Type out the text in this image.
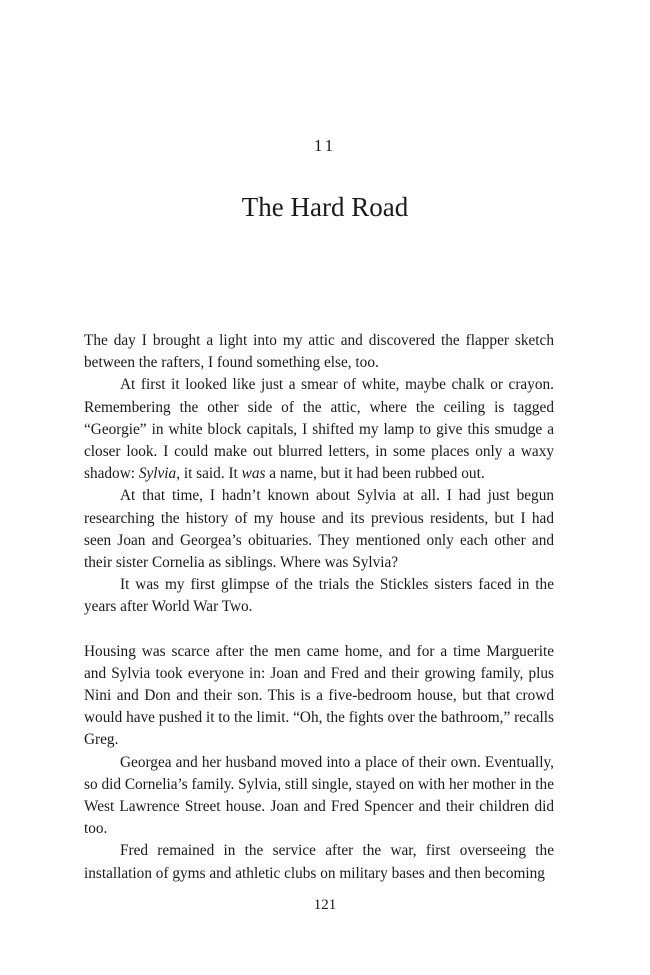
11
The Hard Road

The day I brought a light into my attic and discovered the flapper sketch between the rafters, I found something else, too.

At first it looked like just a smear of white, maybe chalk or crayon. Remembering the other side of the attic, where the ceiling is tagged “Georgie” in white block capitals, I shifted my lamp to give this smudge a closer look. I could make out blurred letters, in some places only a waxy shadow: Sylvia, it said. It was a name, but it had been rubbed out.

At that time, I hadn’t known about Sylvia at all. I had just begun researching the history of my house and its previous residents, but I had seen Joan and Georgea’s obituaries. They mentioned only each other and their sister Cornelia as siblings. Where was Sylvia?

It was my first glimpse of the trials the Stickles sisters faced in the years after World War Two.

Housing was scarce after the men came home, and for a time Marguerite and Sylvia took everyone in: Joan and Fred and their growing family, plus Nini and Don and their son. This is a five-bedroom house, but that crowd would have pushed it to the limit. “Oh, the fights over the bathroom,” recalls Greg.

Georgea and her husband moved into a place of their own. Eventually, so did Cornelia’s family. Sylvia, still single, stayed on with her mother in the West Lawrence Street house. Joan and Fred Spencer and their children did too.

Fred remained in the service after the war, first overseeing the installation of gyms and athletic clubs on military bases and then becoming

121
